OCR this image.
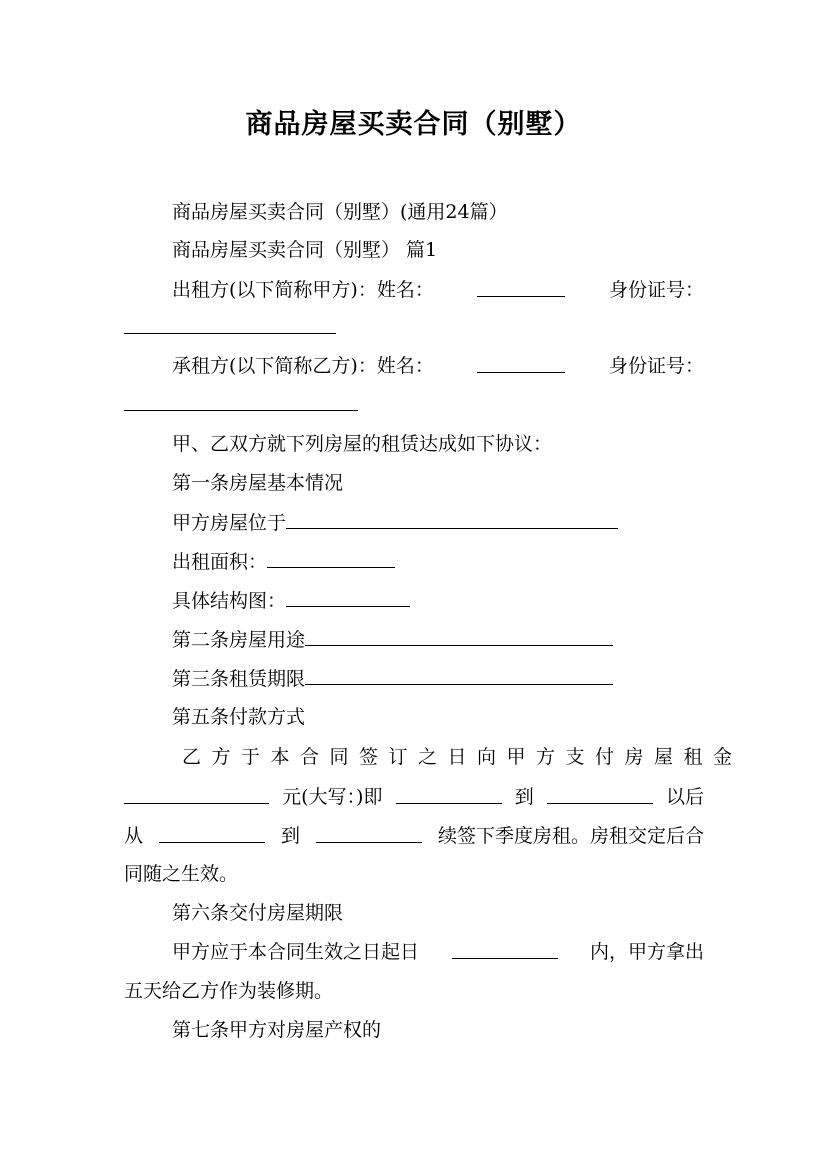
商品房屋买卖合同（别墅）
商品房屋买卖合同（别墅）(通用24篇）
商品房屋买卖合同（别墅） 篇1
出租方(以下简称甲方)：姓名：	身份证号：
承租方(以下简称乙方)：姓名：	身份证号：
甲、乙双方就下列房屋的租赁达成如下协议：
第一条房屋基本情况
甲方房屋位于
出租面积：
具体结构图：
第二条房屋用途
第三条租赁期限
第五条付款方式
乙方于本合同签订之日向甲方支付房屋租金
元(大写：)即	到	以后
从	到	续签下季度房租。房租交定后合
同随之生效。
第六条交付房屋期限
甲方应于本合同生效之日起日	内，甲方拿出
五天给乙方作为装修期。
第七条甲方对房屋产权的
